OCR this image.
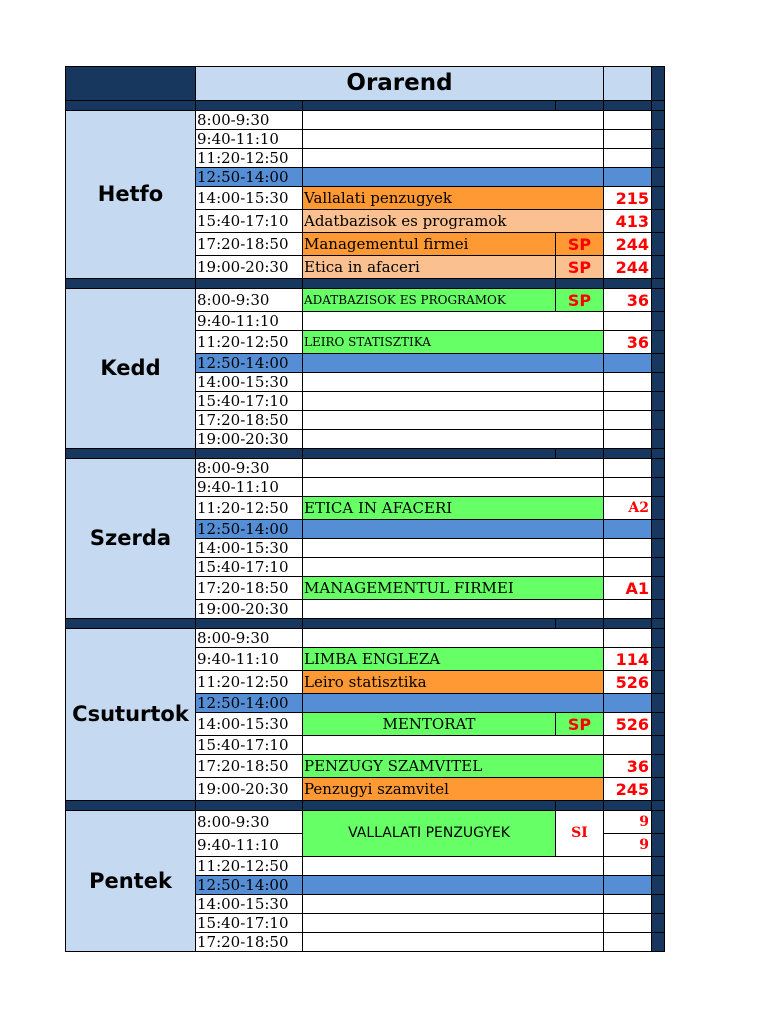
	Orarend				

Hetfo	8:00-9:30				
	9:40-11:10				
	11:20-12:50				
	12:50-14:00				
	14:00-15:30	Vallalati penzugyek		215	
	15:40-17:10	Adatbazisok es programok		413	
	17:20-18:50	Managementul firmei	SP	244	
	19:00-20:30	Etica in afaceri	SP	244	

Kedd	8:00-9:30	ADATBAZISOK ES PROGRAMOK	SP	36	
	9:40-11:10				
	11:20-12:50	LEIRO STATISZTIKA		36	
	12:50-14:00				
	14:00-15:30				
	15:40-17:10				
	17:20-18:50				
	19:00-20:30				

Szerda	8:00-9:30				
	9:40-11:10				
	11:20-12:50	ETICA IN AFACERI		A2	
	12:50-14:00				
	14:00-15:30				
	15:40-17:10				
	17:20-18:50	MANAGEMENTUL FIRMEI		A1	
	19:00-20:30				

Csuturtok	8:00-9:30				
	9:40-11:10	LIMBA ENGLEZA		114	
	11:20-12:50	Leiro statisztika		526	
	12:50-14:00				
	14:00-15:30	MENTORAT	SP	526	
	15:40-17:10				
	17:20-18:50	PENZUGY SZAMVITEL		36	
	19:00-20:30	Penzugyi szamvitel		245	

Pentek	8:00-9:30	VALLALATI PENZUGYEK	SI	9	
	9:40-11:10			9	
	11:20-12:50				
	12:50-14:00				
	14:00-15:30				
	15:40-17:10				
	17:20-18:50				
